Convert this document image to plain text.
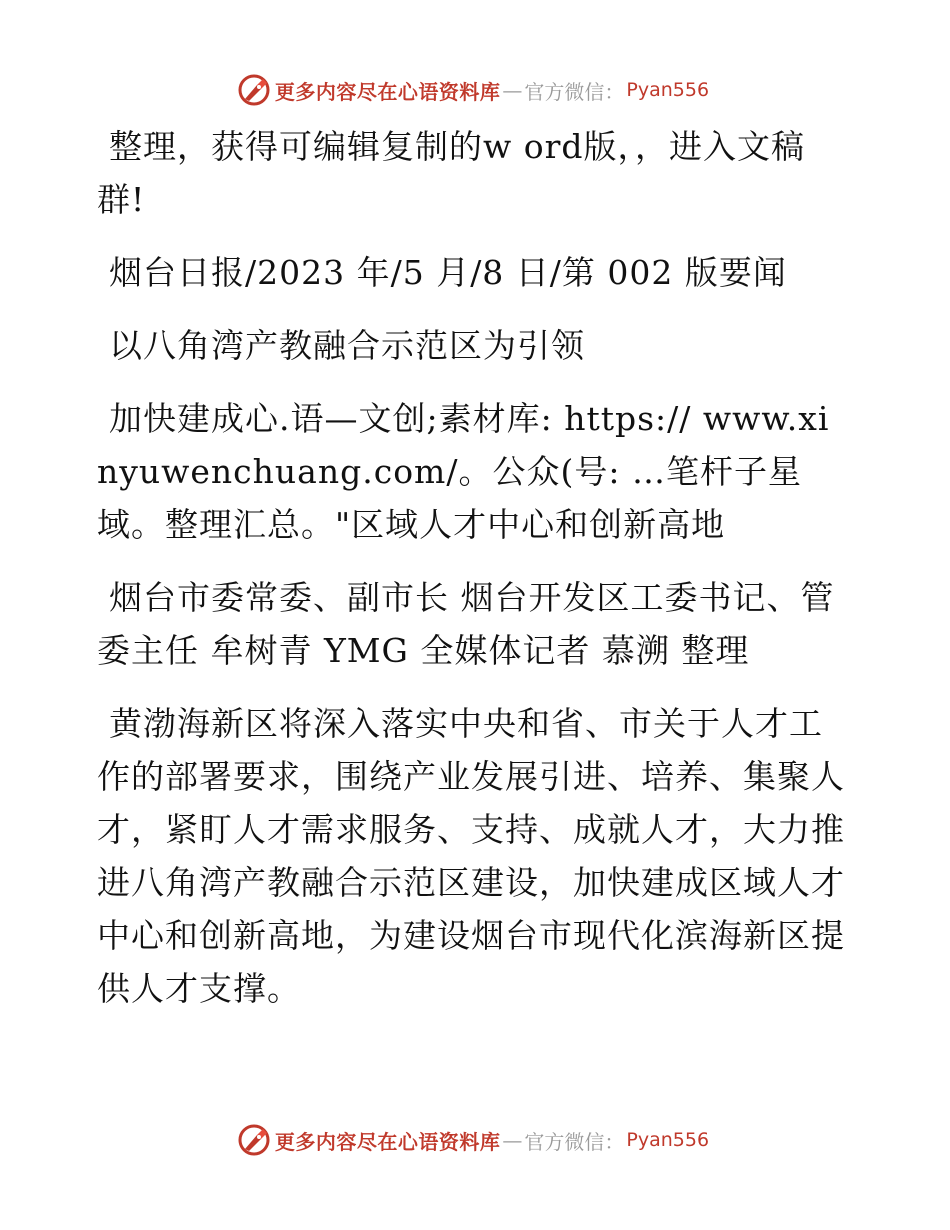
更多内容尽在心语资料库 — 官方微信： Pyan556

整理，获得可编辑复制的w ord版，，进入文稿群!

烟台日报/2023 年/5 月/8 日/第 002 版要闻

以八角湾产教融合示范区为引领

加快建成心.语—文创;素材库: https:// www.xinyuwenchuang.com/。公众(号: …笔杆子星域。整理汇总。"区域人才中心和创新高地

烟台市委常委、副市长 烟台开发区工委书记、管委主任 牟树青 YMG 全媒体记者 慕溯 整理

黄渤海新区将深入落实中央和省、市关于人才工作的部署要求，围绕产业发展引进、培养、集聚人才，紧盯人才需求服务、支持、成就人才，大力推进八角湾产教融合示范区建设，加快建成区域人才中心和创新高地，为建设烟台市现代化滨海新区提供人才支撑。

更多内容尽在心语资料库 — 官方微信： Pyan556
